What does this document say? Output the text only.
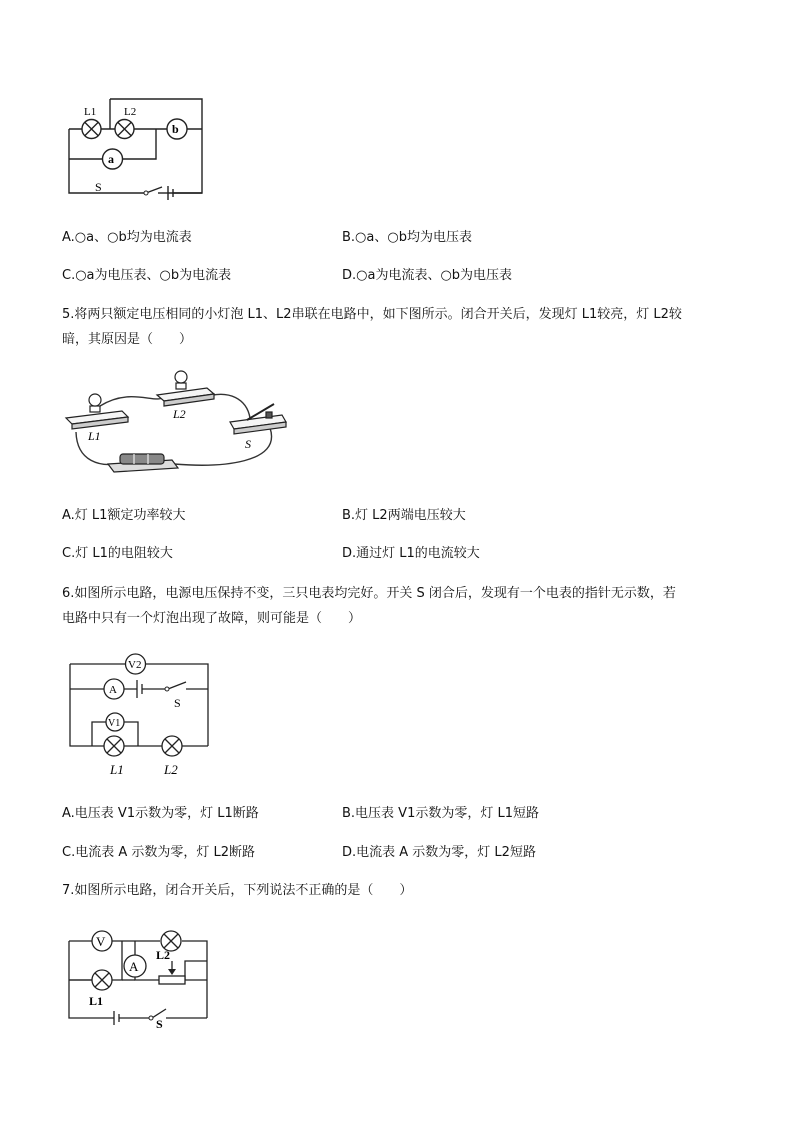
L1	L2
b
a
S
A.○a、○b均为电流表	B.○a、○b均为电压表
C.○a为电压表、○b为电流表	D.○a为电流表、○b为电压表
5.将两只额定电压相同的小灯泡 L1、L2串联在电路中，如下图所示。闭合开关后，发现灯 L1较亮，灯 L2较
暗，其原因是（　　）
L1
L2
S
A.灯 L1额定功率较大	B.灯 L2两端电压较大
C.灯 L1的电阻较大	D.通过灯 L1的电流较大
6.如图所示电路，电源电压保持不变，三只电表均完好。开关 S 闭合后，发现有一个电表的指针无示数，若
电路中只有一个灯泡出现了故障，则可能是（　　）
V2
A
V1
S
L1	L2
A.电压表 V1示数为零，灯 L1断路	B.电压表 V1示数为零，灯 L1短路
C.电流表 A 示数为零，灯 L2断路	D.电流表 A 示数为零，灯 L2短路
7.如图所示电路，闭合开关后，下列说法不正确的是（　　）
V
A
L2
L1
S
